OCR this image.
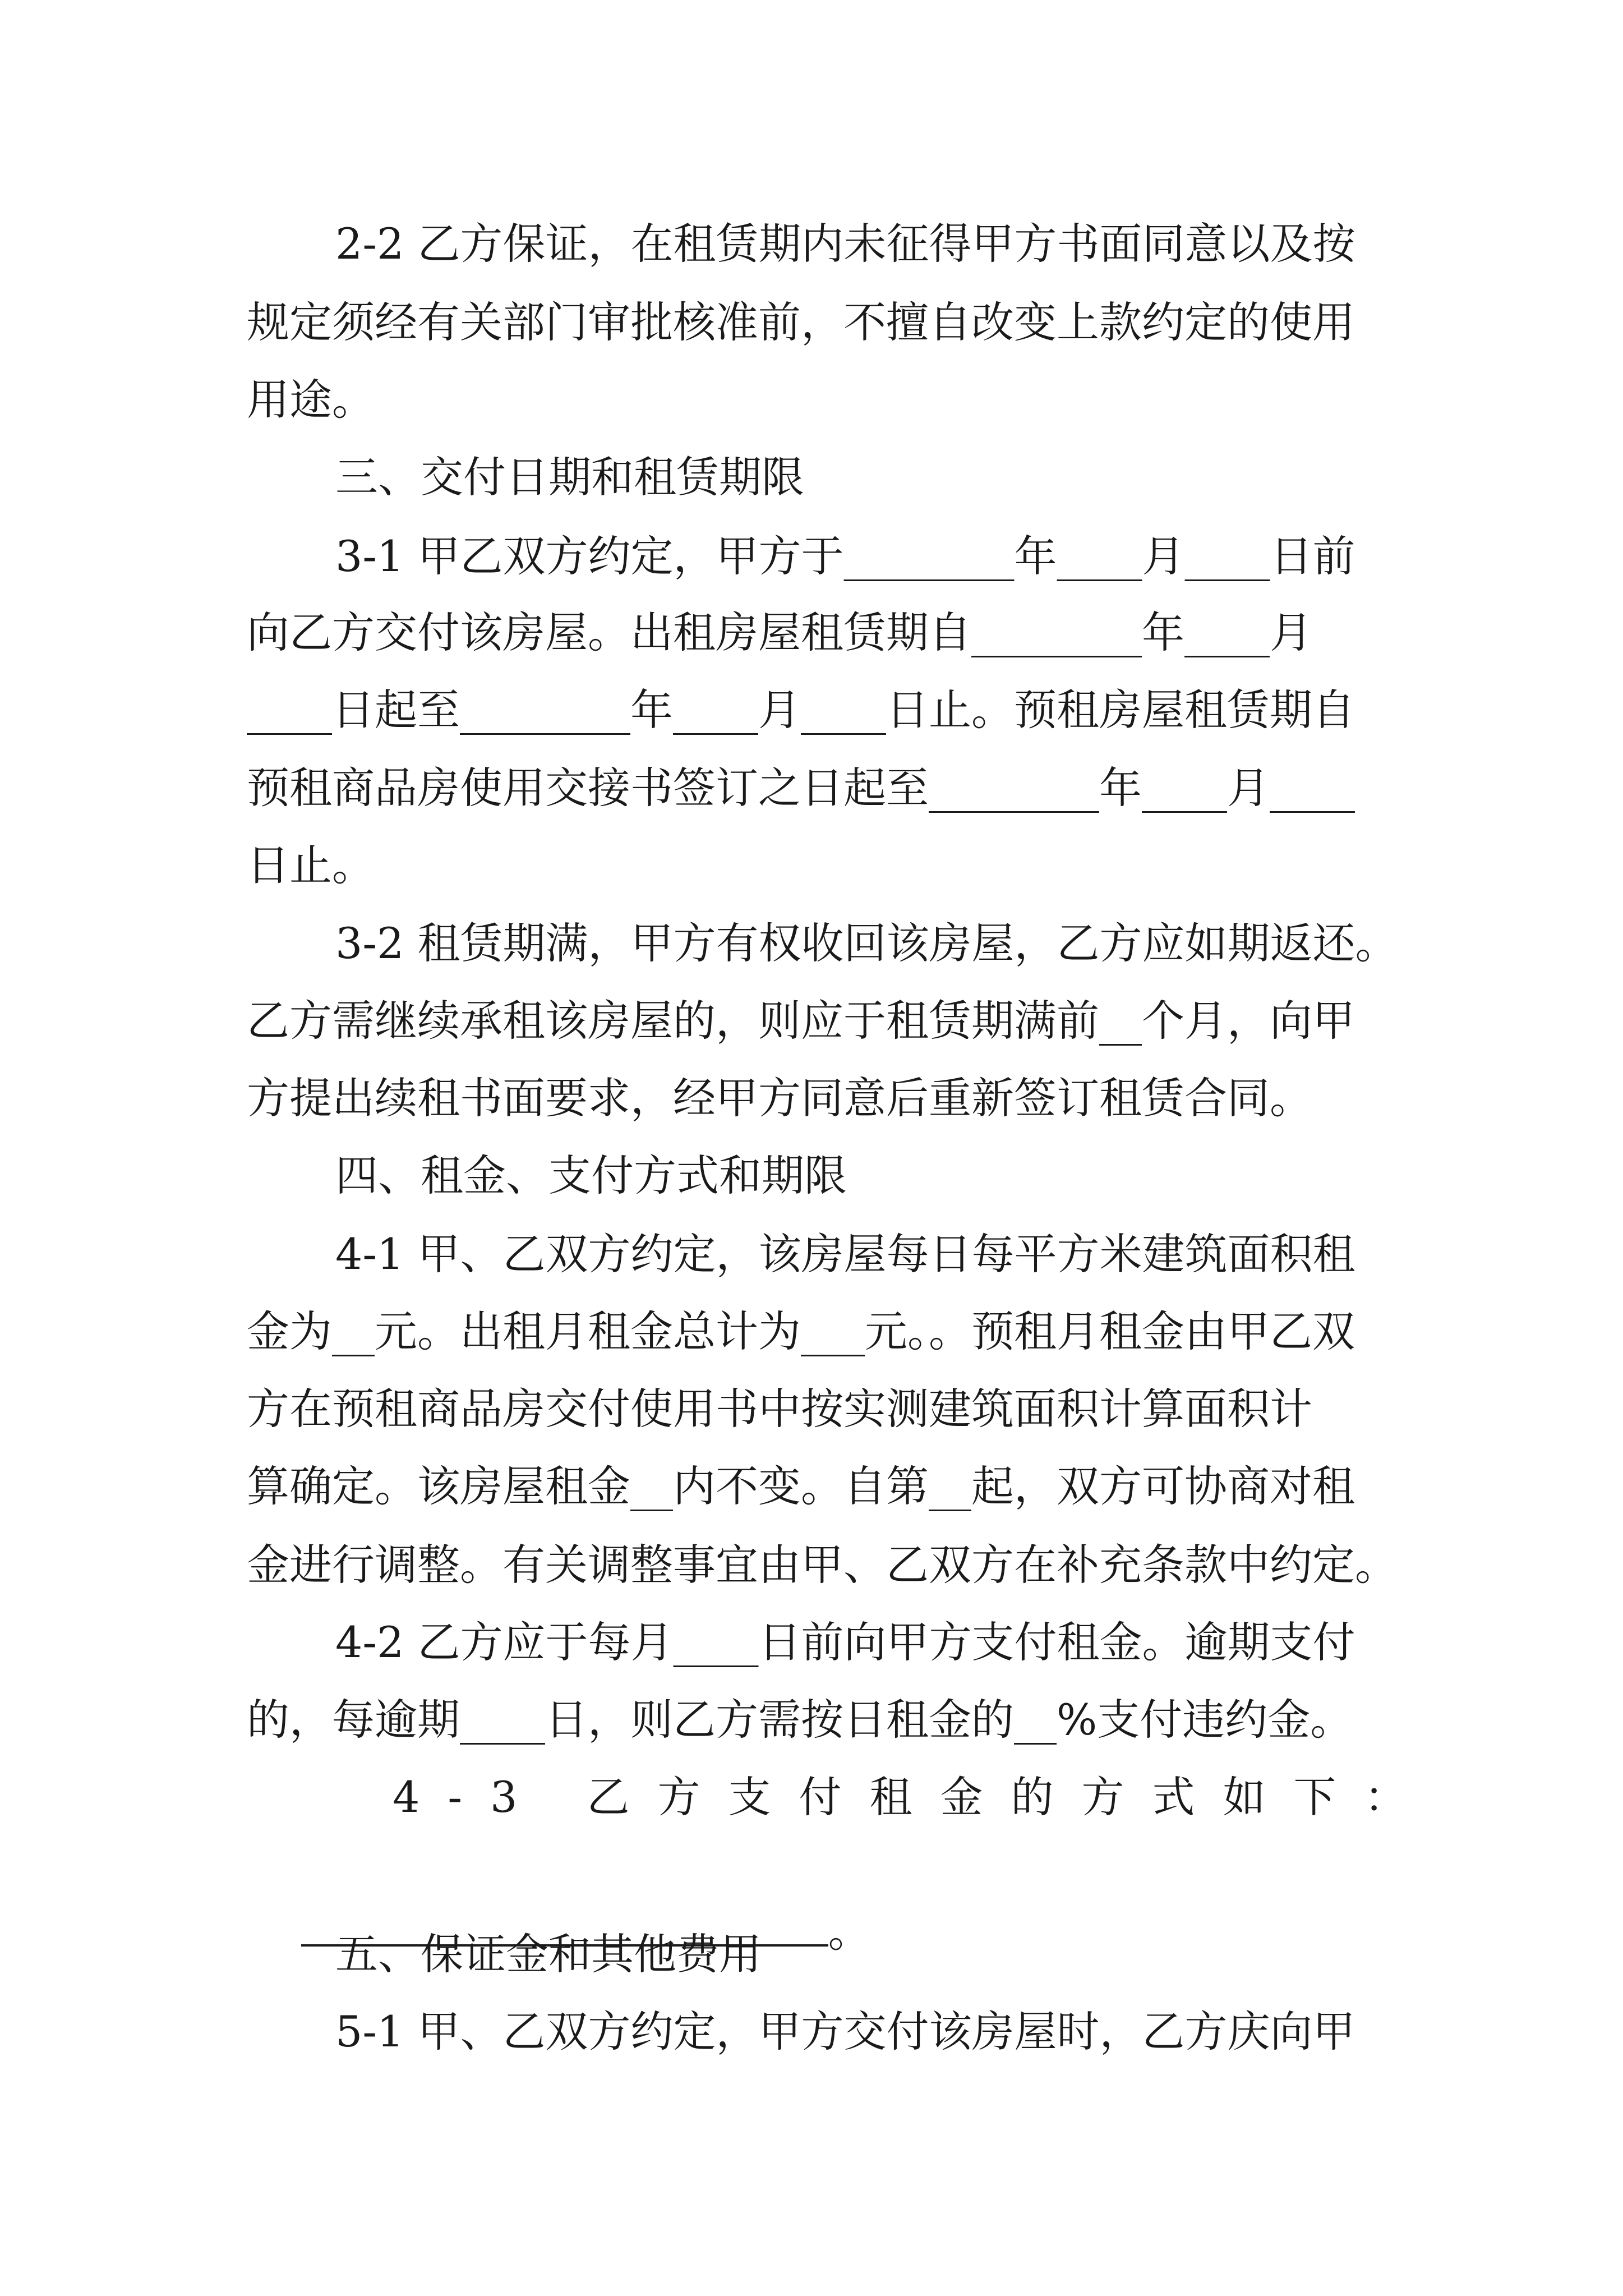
2-2 乙方保证，在租赁期内未征得甲方书面同意以及按
规定须经有关部门审批核准前，不擅自改变上款约定的使用
用途。
三、交付日期和租赁期限
3-1 甲乙双方约定，甲方于________年____月____日前
向乙方交付该房屋。出租房屋租赁期自________年____月
____日起至________年____月____日止。预租房屋租赁期自
预租商品房使用交接书签订之日起至________年____月____
日止。
3-2 租赁期满，甲方有权收回该房屋，乙方应如期返还。
乙方需继续承租该房屋的，则应于租赁期满前__个月，向甲
方提出续租书面要求，经甲方同意后重新签订租赁合同。
四、租金、支付方式和期限
4-1 甲、乙双方约定，该房屋每日每平方米建筑面积租
金为__元。出租月租金总计为___元。。预租月租金由甲乙双
方在预租商品房交付使用书中按实测建筑面积计算面积计
算确定。该房屋租金__内不变。自第__起，双方可协商对租
金进行调整。有关调整事宜由甲、乙双方在补充条款中约定。
4-2 乙方应于每月____日前向甲方支付租金。逾期支付
的，每逾期____日，则乙方需按日租金的__%支付违约金。
4-3 乙方支付租金的方式如下：

。

五、保证金和其他费用
5-1 甲、乙双方约定，甲方交付该房屋时，乙方庆向甲
